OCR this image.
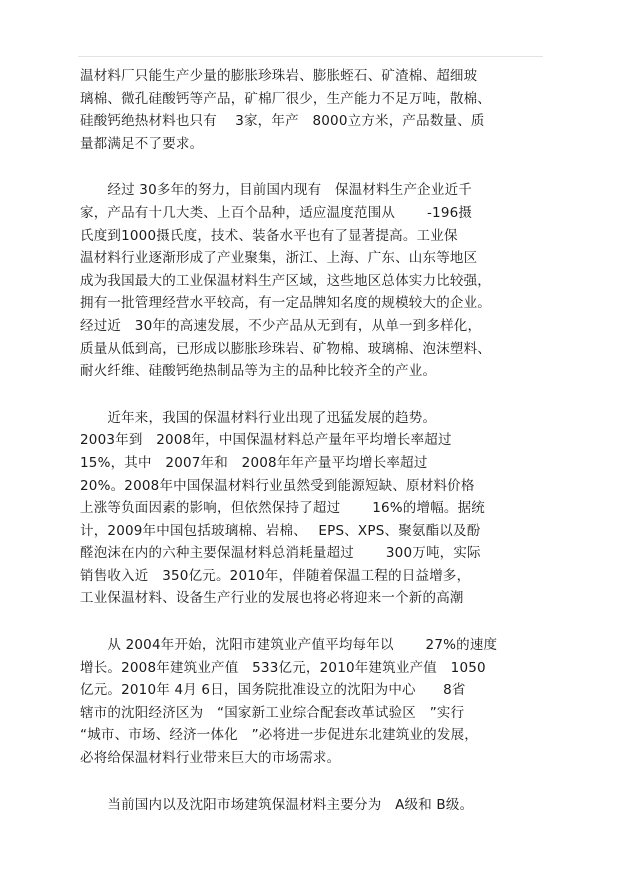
温材料厂只能生产少量的膨胀珍珠岩、膨胀蛭石、矿渣棉、超细玻
璃棉、微孔硅酸钙等产品，矿棉厂很少，生产能力不足万吨，散棉、
硅酸钙绝热材料也只有　 3家，年产　8000立方米，产品数量、质
量都满足不了要求。
　　经过 30多年的努力，目前国内现有　保温材料生产企业近千
家，产品有十几大类、上百个品种，适应温度范围从　　 -196摄
氏度到1000摄氏度，技术、装备水平也有了显著提高。工业保
温材料行业逐渐形成了产业聚集，浙江、上海、广东、山东等地区
成为我国最大的工业保温材料生产区域，这些地区总体实力比较强，
拥有一批管理经营水平较高，有一定品牌知名度的规模较大的企业。
经过近　30年的高速发展，不少产品从无到有，从单一到多样化，
质量从低到高，已形成以膨胀珍珠岩、矿物棉、玻璃棉、泡沫塑料、
耐火纤维、硅酸钙绝热制品等为主的品种比较齐全的产业。
　　近年来，我国的保温材料行业出现了迅猛发展的趋势。
2003年到　2008年，中国保温材料总产量年平均增长率超过
15%，其中　2007年和　2008年年产量平均增长率超过
20%。2008年中国保温材料行业虽然受到能源短缺、原材料价格
上涨等负面因素的影响，但依然保持了超过　　 16%的增幅。据统
计，2009年中国包括玻璃棉、岩棉、　 EPS、XPS、聚氨酯以及酚
醛泡沫在内的六种主要保温材料总消耗量超过　　 300万吨，实际
销售收入近　350亿元。2010年，伴随着保温工程的日益增多，
工业保温材料、设备生产行业的发展也将必将迎来一个新的高潮
　　从 2004年开始，沈阳市建筑业产值平均每年以　　 27%的速度
增长。2008年建筑业产值　533亿元，2010年建筑业产值　1050
亿元。2010年 4月 6日，国务院批准设立的沈阳为中心　　8省
辖市的沈阳经济区为　“国家新工业综合配套改革试验区　”实行
“城市、市场、经济一体化　”必将进一步促进东北建筑业的发展，
必将给保温材料行业带来巨大的市场需求。
　　当前国内以及沈阳市场建筑保温材料主要分为　A级和 B级。
